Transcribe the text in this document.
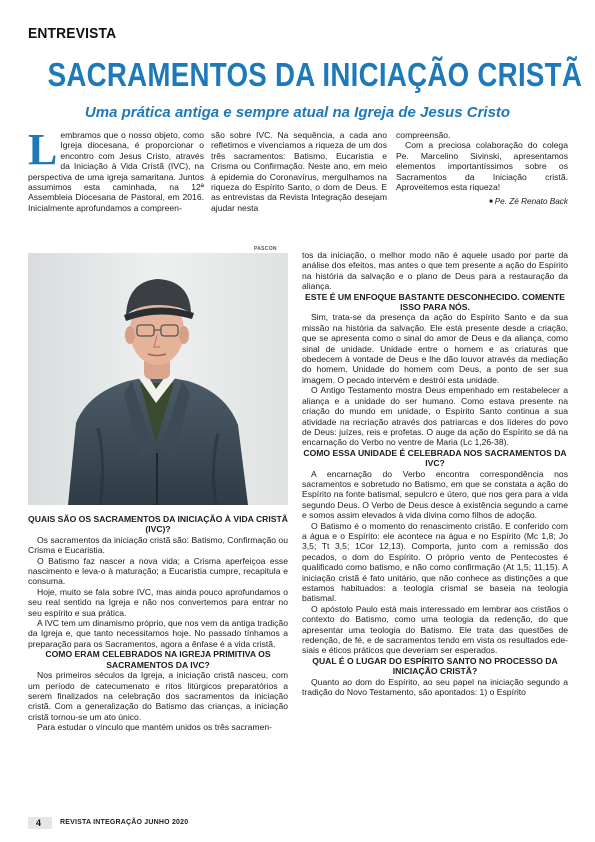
ENTREVISTA
SACRAMENTOS DA INICIAÇÃO CRISTÃ
Uma prática antiga e sempre atual na Igreja de Jesus Cristo
L embramos que o nosso objeto, como Igreja diocesana, é proporcionar o encontro com Jesus Cristo, através da Iniciação à Vida Cristã (IVC), na perspectiva de uma igreja samaritana. Juntos assumimos esta caminhada, na 12ª Assembleia Diocesana de Pastoral, em 2016. Inicialmente aprofundamos a compreen-

são sobre IVC. Na sequência, a cada ano refletimos e vivenciamos a riqueza de um dos três sacramentos: Batismo, Eucaristia e Crisma ou Confirmação. Neste ano, em meio à epidemia do Coronavírus, mergulhamos na riqueza do Espírito Santo, o dom de Deus. E as entrevistas da Revista Integração desejam ajudar nesta

compreensão.

Com a preciosa colaboração do colega Pe. Marcelino Sivinski, apresentamos elementos importantíssimos sobre os Sacramentos da Iniciação cristã. Aproveitemos esta riqueza!

■ Pe. Zé Renato Back
PASCON

QUAIS SÃO OS SACRAMENTOS DA INICIAÇÃO À VIDA CRISTÃ (IVC)?

Os sacramentos da iniciação cristã são: Batismo, Confirmação ou Crisma e Eucaristia.

O Batismo faz nascer a nova vida; a Crisma aperfeiçoa esse nascimento e leva-o à maturação; a Eucaristia cumpre, recapitula e consuma.

Hoje, muito se fala sobre IVC, mas ainda pouco aprofundamos o seu real sentido na Igreja e não nos convertemos para entrar no seu espírito e sua prática.

A IVC tem um dinamismo próprio, que nos vem da antiga tradição da Igreja e, que tanto necessitamos hoje. No passado tínhamos a preparação para os Sacramentos, agora a ênfase é a vida cristã.

COMO ERAM CELEBRADOS NA IGREJA PRIMITIVA OS SACRAMENTOS DA IVC?

Nos primeiros séculos da Igreja, a iniciação cristã nasceu, com um período de catecumenato e ritos litúrgicos preparatórios a serem finalizados na celebração dos sacramentos da iniciação cristã. Com a generalização do Batismo das crianças, a iniciação cristã tornou-se um ato único.

Para estudar o vínculo que mantém unidos os três sacramen-

tos da iniciação, o melhor modo não é aquele usado por parte da análise dos efeitos, mas antes o que tem presente a ação do Espírito na história da salvação e o plano de Deus para a restauração da aliança.

ESTE É UM ENFOQUE BASTANTE DESCONHECIDO. COMENTE ISSO PARA NÓS.

Sim, trata-se da presença da ação do Espírito Santo e da sua missão na história da salvação. Ele está presente desde a criação, que se apresenta como o sinal do amor de Deus e da aliança, como sinal de unidade. Unidade entre o homem e as criaturas que obedecem à vontade de Deus e lhe dão louvor através da mediação do homem. Unidade do homem com Deus, a ponto de ser sua imagem. O pecado intervém e destrói esta unidade.

O Antigo Testamento mostra Deus empenhado em restabelecer a aliança e a unidade do ser humano. Como estava presente na criação do mundo em unidade, o Espírito Santo continua a sua atividade na recriação através dos patriarcas e dos líderes do povo de Deus: juízes, reis e profetas. O auge da ação do Espírito se dá na encarnação do Verbo no ventre de Maria (Lc 1,26-38).

COMO ESSA UNIDADE É CELEBRADA NOS SACRAMENTOS DA IVC?

A encarnação do Verbo encontra correspondência nos sacramentos e sobretudo no Batismo, em que se constata a ação do Espírito na fonte batismal, sepulcro e útero, que nos gera para a vida segundo Deus. O Verbo de Deus desce à existência segundo a carne e somos assim elevados à vida divina como filhos de adoção.

O Batismo é o momento do renascimento cristão. E conferido com a água e o Espírito: ele acontece na água e no Espírito (Mc 1,8; Jo 3,5; Tt 3,5; 1Cor 12,13). Comporta, junto com a remissão dos pecados, o dom do Espírito. O próprio vento de Pentecostes é qualificado como batismo, e não como confirmação (At 1,5; 11,15). A iniciação cristã é fato unitário, que não conhece as distinções a que estamos habituados: a teologia crismal se baseia na teologia batismal.

O apóstolo Paulo está mais interessado em lembrar aos cristãos o contexto do Batismo, como uma teologia da redenção, do que apresentar uma teologia do Batismo. Ele trata das questões de redenção, de fé, e de sacramentos tendo em vista os resultados ede-siais e éticos práticos que deveriam ser esperados.

QUAL É O LUGAR DO ESPÍRITO SANTO NO PROCESSO DA INICIAÇÃO CRISTÃ?

Quanto ao dom do Espírito, ao seu papel na iniciação segundo a tradição do Novo Testamento, são apontados: 1) o Espírito

4	REVISTA INTEGRAÇÃO JUNHO 2020
